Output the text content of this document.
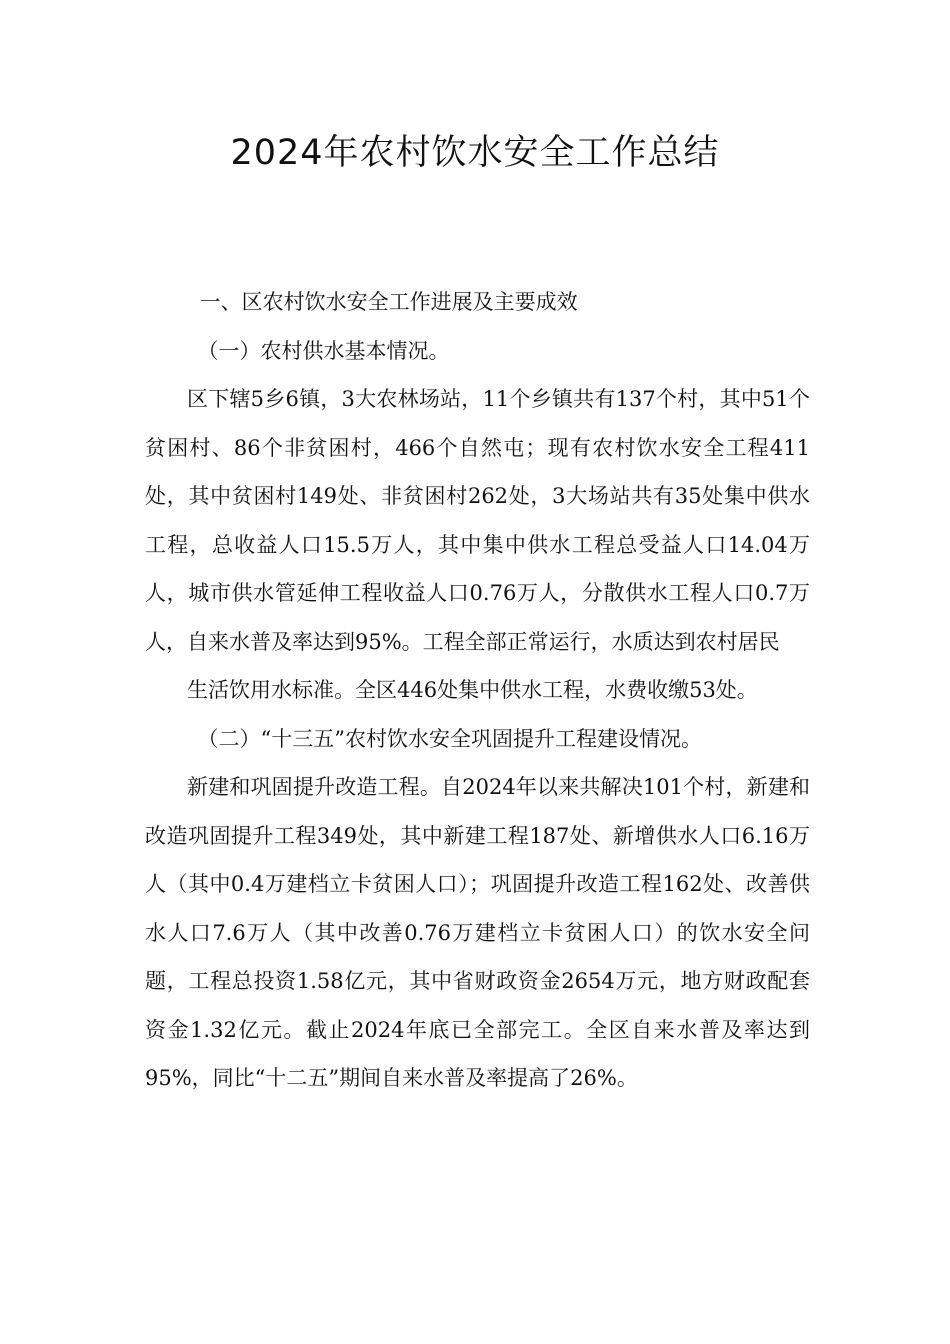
2024年农村饮水安全工作总结

一、区农村饮水安全工作进展及主要成效

（一）农村供水基本情况。

区下辖5乡6镇，3大农林场站，11个乡镇共有137个村，其中51个贫困村、86个非贫困村，466个自然屯；现有农村饮水安全工程411处，其中贫困村149处、非贫困村262处，3大场站共有35处集中供水工程，总收益人口15.5万人，其中集中供水工程总受益人口14.04万人，城市供水管延伸工程收益人口0.76万人，分散供水工程人口0.7万人，自来水普及率达到95%。工程全部正常运行，水质达到农村居民

生活饮用水标准。全区446处集中供水工程，水费收缴53处。

（二）“十三五”农村饮水安全巩固提升工程建设情况。

新建和巩固提升改造工程。自2024年以来共解决101个村，新建和改造巩固提升工程349处，其中新建工程187处、新增供水人口6.16万人（其中0.4万建档立卡贫困人口）；巩固提升改造工程162处、改善供水人口7.6万人（其中改善0.76万建档立卡贫困人口）的饮水安全问题，工程总投资1.58亿元，其中省财政资金2654万元，地方财政配套资金1.32亿元。截止2024年底已全部完工。全区自来水普及率达到95%，同比“十二五”期间自来水普及率提高了26%。
